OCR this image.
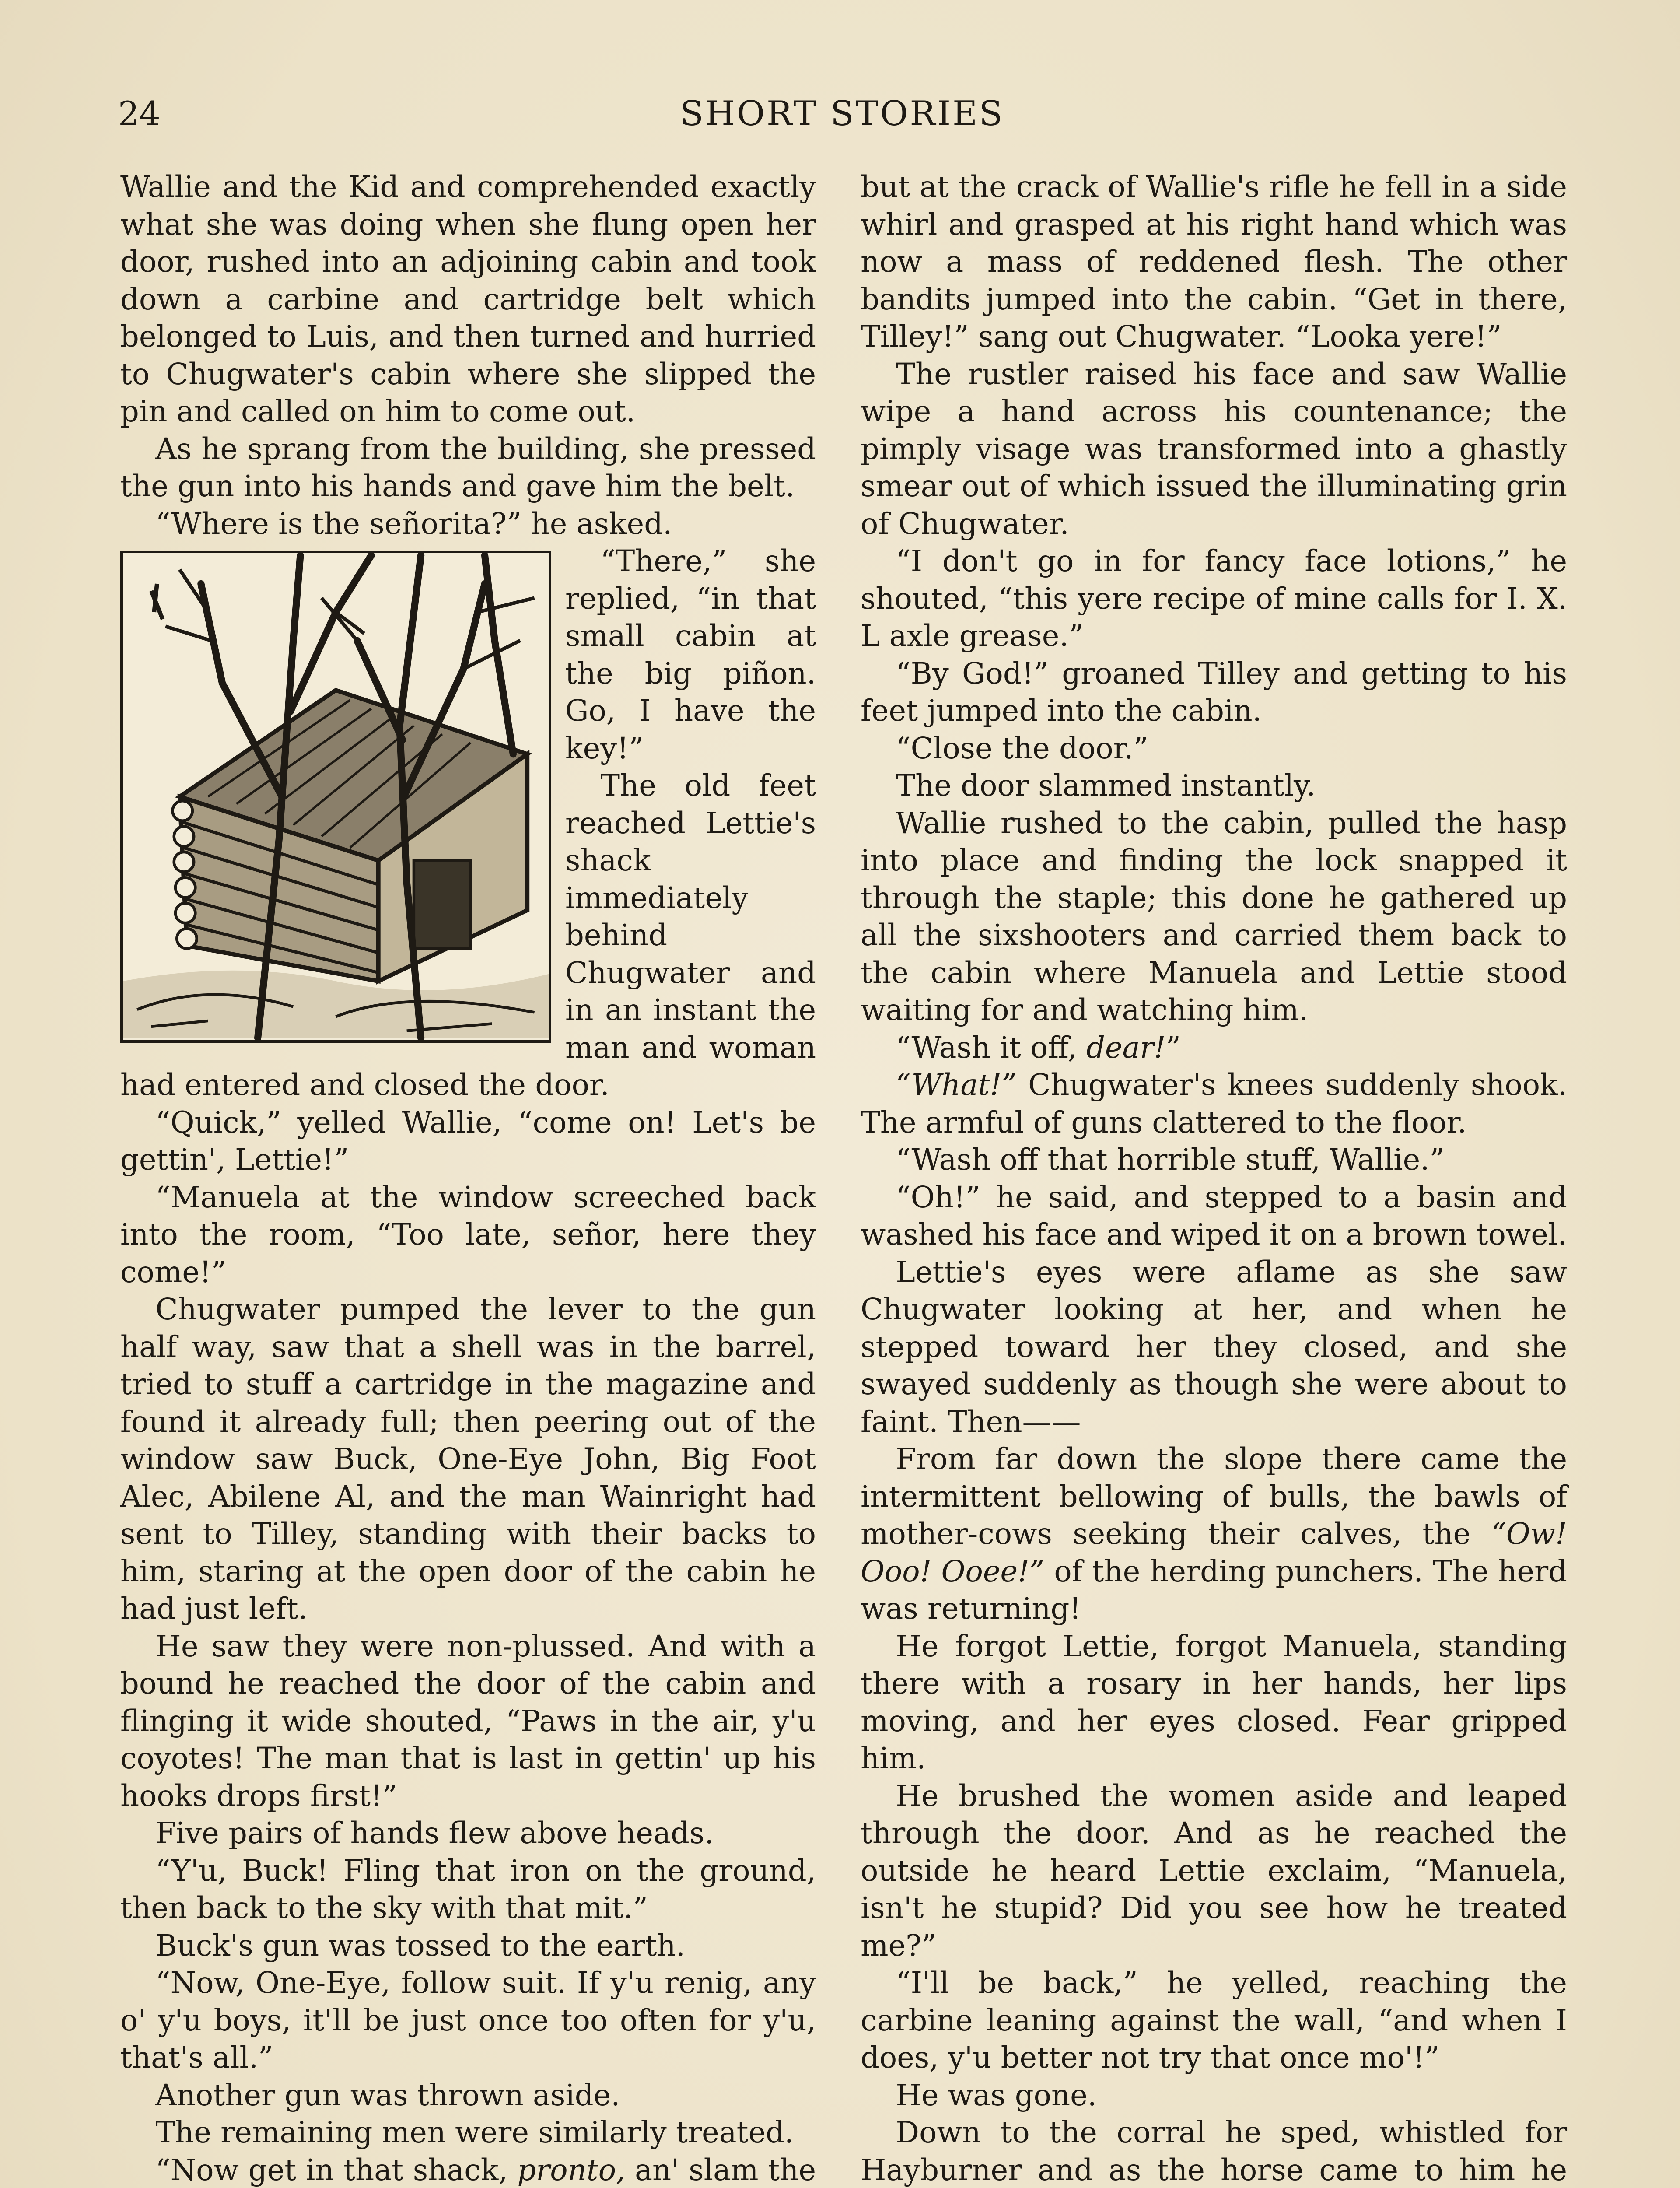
24	SHORT STORIES

Wallie and the Kid and comprehended exactly what she was doing when she flung open her door, rushed into an adjoining cabin and took down a carbine and cartridge belt which belonged to Luis, and then turned and hurried to Chugwater's cabin where she slipped the pin and called on him to come out.

As he sprang from the building, she pressed the gun into his hands and gave him the belt.

“Where is the señorita?” he asked.

“There,” she replied, “in that small cabin at the big piñon. Go, I have the key!”

The old feet reached Lettie's shack immediately behind Chugwater and in an instant the man and woman had entered and closed the door.

“Quick,” yelled Wallie, “come on! Let's be gettin', Lettie!”

“Manuela at the window screeched back into the room, “Too late, señor, here they come!”

Chugwater pumped the lever to the gun half way, saw that a shell was in the barrel, tried to stuff a cartridge in the magazine and found it already full; then peering out of the window saw Buck, One-Eye John, Big Foot Alec, Abilene Al, and the man Wainright had sent to Tilley, standing with their backs to him, staring at the open door of the cabin he had just left.

He saw they were non-plussed. And with a bound he reached the door of the cabin and flinging it wide shouted, “Paws in the air, y'u coyotes! The man that is last in gettin' up his hooks drops first!”

Five pairs of hands flew above heads.

“Y'u, Buck! Fling that iron on the ground, then back to the sky with that mit.”

Buck's gun was tossed to the earth.

“Now, One-Eye, follow suit. If y'u renig, any o' y'u boys, it'll be just once too often for y'u, that's all.”

Another gun was thrown aside.

The remaining men were similarly treated.

“Now get in that shack, pronto, an' slam the

but at the crack of Wallie's rifle he fell in a side whirl and grasped at his right hand which was now a mass of reddened flesh. The other bandits jumped into the cabin. “Get in there, Tilley!” sang out Chugwater. “Looka yere!”

The rustler raised his face and saw Wallie wipe a hand across his countenance; the pimply visage was transformed into a ghastly smear out of which issued the illuminating grin of Chugwater.

“I don't go in for fancy face lotions,” he shouted, “this yere recipe of mine calls for I. X. L axle grease.”

“By God!” groaned Tilley and getting to his feet jumped into the cabin.

“Close the door.”

The door slammed instantly.

Wallie rushed to the cabin, pulled the hasp into place and finding the lock snapped it through the staple; this done he gathered up all the sixshooters and carried them back to the cabin where Manuela and Lettie stood waiting for and watching him.

“Wash it off, dear!”

“What!” Chugwater's knees suddenly shook. The armful of guns clattered to the floor.

“Wash off that horrible stuff, Wallie.”

“Oh!” he said, and stepped to a basin and washed his face and wiped it on a brown towel.

Lettie's eyes were aflame as she saw Chugwater looking at her, and when he stepped toward her they closed, and she swayed suddenly as though she were about to faint. Then——

From far down the slope there came the intermittent bellowing of bulls, the bawls of mother-cows seeking their calves, the “Ow! Ooo! Ooee!” of the herding punchers. The herd was returning!

He forgot Lettie, forgot Manuela, standing there with a rosary in her hands, her lips moving, and her eyes closed. Fear gripped him.

He brushed the women aside and leaped through the door. And as he reached the outside he heard Lettie exclaim, “Manuela, isn't he stupid? Did you see how he treated me?”

“I'll be back,” he yelled, reaching the carbine leaning against the wall, “and when I does, y'u better not try that once mo'!”

He was gone.

Down to the corral he sped, whistled for Hayburner and as the horse came to him he
